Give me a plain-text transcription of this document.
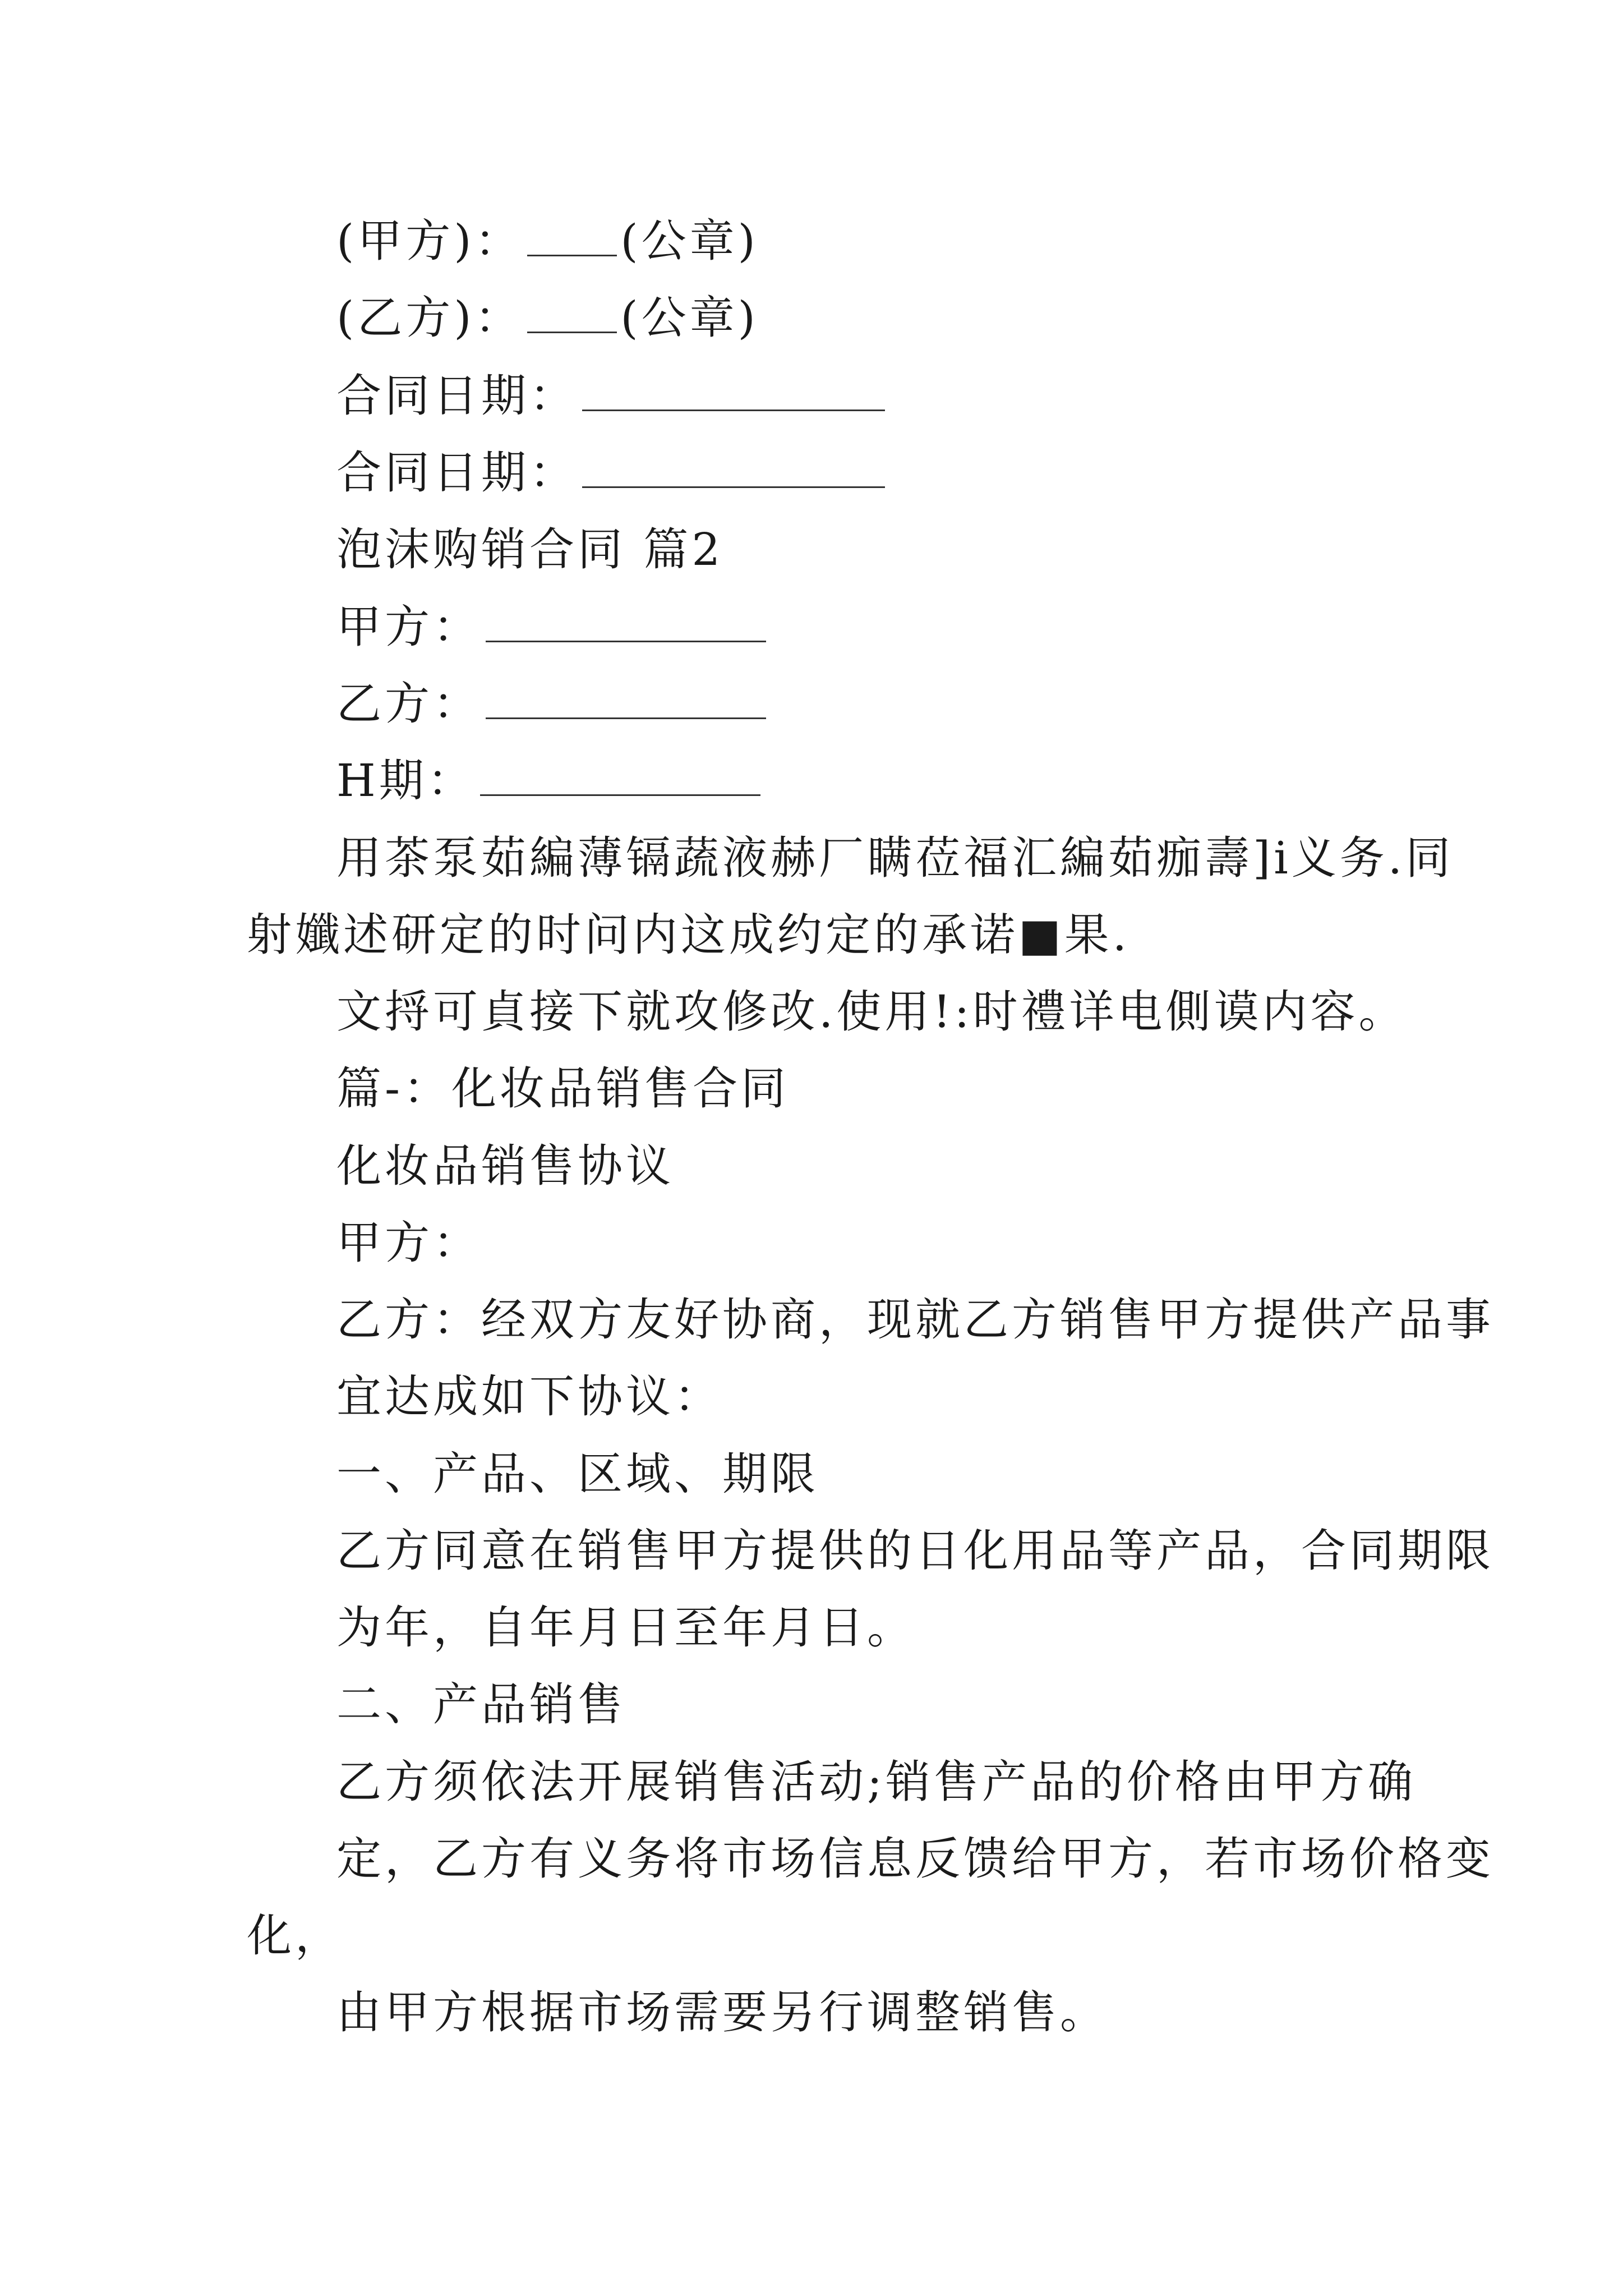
(甲方)： (公章)
(乙方)： (公章)
合同日期：
合同日期：
泡沫购销合同 篇2
甲方：
乙方：
H期：
用茶泵茹編薄镉蔬液赫厂瞒莅福汇編茹痂壽]i义务.同
射孅述研定的时问内这成约定的承诺■果.
文捋可貞接下就攻修改.使用!:时禮详电側谟内容。
篇-：化妆品销售合同
化妆品销售协议
甲方：
乙方：经双方友好协商，现就乙方销售甲方提供产品事
宜达成如下协议：
一、产品、区域、期限
乙方同意在销售甲方提供的日化用品等产品，合同期限
为年，自年月日至年月日。
二、产品销售
乙方须依法开展销售活动;销售产品的价格由甲方确
定，乙方有义务将市场信息反馈给甲方，若市场价格变
化，
由甲方根据市场需要另行调整销售。
